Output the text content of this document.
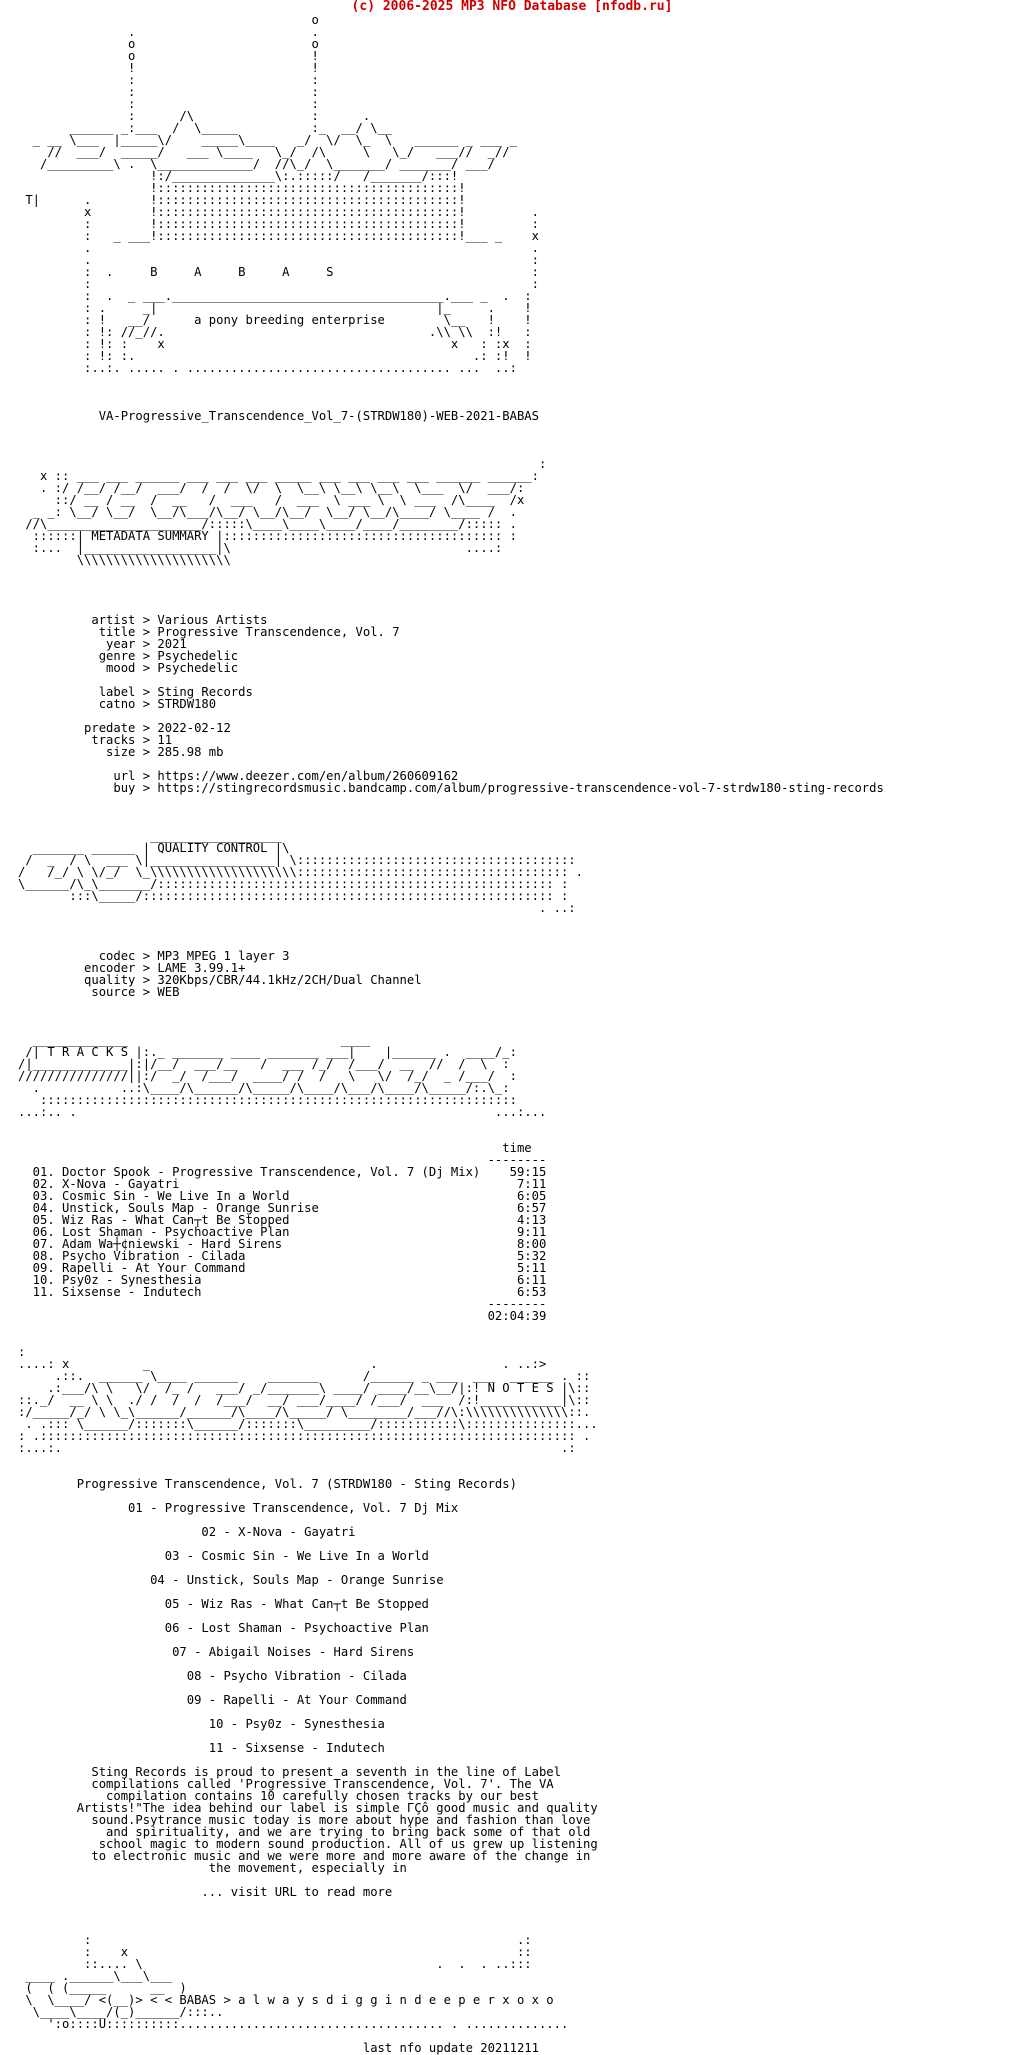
(c) 2006-2025 MP3 NFO Database [nfodb.ru]
o
.                        .
o                        o
o                        !
!                        !
:                        :
:                        :
:                        :
:      /\                :      .
______ _:___  /  \_____          :_  __/ \__
_ __ \___  |_____\/    _____\____   _/  \/  \_  \   ______ _ ___ _
//  ___/  _____/   ___ \____   \_/  /\     \   \_/   ___//  _//
/_________\ .  \_____________/  //\_/  \_______/ _______/ ___/
!:/______________\:.:::::/   /_______/:::!
!:::::::::::::::::::::::::::::::::::::::::!
T|      .        !:::::::::::::::::::::::::::::::::::::::::!
x        !:::::::::::::::::::::::::::::::::::::::::!         .
:        !:::::::::::::::::::::::::::::::::::::::::!         :
:   _ ___!:::::::::::::::::::::::::::::::::::::::::!___ _    x
.                                                            .
.                                                            :
:  .     B     A     B     A     S                           :
:                                                            :
:  .  _ ___._____________________________________.___ _  .  :
: .     _|                                      |_     .    !
: !   __/      a pony breeding enterprise        \__   !    !
: !: //_//.                                    .\\ \\  :!   :
: !: :    x                                       x   : :x  :
: !: :.                                              .: :!  !
:..:. ..... . .................................... ...  ..:

VA-Progressive_Transcendence_Vol_7-(STRDW180)-WEB-2021-BABAS

:
x :: ___ ___ ______ ___ ___ ___ _____ ___ ___ ___ ___ ______ ______:
. :/ /__/ /__/  ___/  /  /  \/  \  \__\ \__\ \__\  \___  \/  ___/:
::/ __ / __  /  __   /  ___   /  ___  \ ___ \  \ ___  /\____  /x
_ _: \__/ \__/  \__/\___/\__/ \__/\__/  \__/ \__/\____/ \____ /  .
//\_____________________/:::::\____\____\____/____/________/::::: .
::::::| METADATA SUMMARY |:::::::::::::::::::::::::::::::::::::: :
:...  |__________________|\                                ....:
\\\\\\\\\\\\\\\\\\\\\

artist > Various Artists
title > Progressive Transcendence, Vol. 7
year > 2021
genre > Psychedelic
mood > Psychedelic

label > Sting Records
catno > STRDW180

predate > 2022-02-12
tracks > 11
size > 285.98 mb

url > https://www.deezer.com/en/album/260609162
buy > https://stingrecordsmusic.bandcamp.com/album/progressive-transcendence-vol-7-strdw180-sting-records

__________________
_______ ______ | QUALITY CONTROL |\
/  _  / \  ___ \|_________________| \::::::::::::::::::::::::::::::::::::::
/   /_/ \ \/_/  \_\\\\\\\\\\\\\\\\\\\\::::::::::::::::::::::::::::::::::::: .
\______/\_\_______/:::::::::::::::::::::::::::::::::::::::::::::::::::::: :
:::\_____/:::::::::::::::::::::::::::::::::::::::::::::::::::::::: :
. ..:

codec > MP3 MPEG 1 layer 3
encoder > LAME 3.99.1+
quality > 320Kbps/CBR/44.1kHz/2CH/Dual Channel
source > WEB

_____________                             ____
/| T R A C K S |:._ _______ ____ _______ ___|    |______ .  ____/_:
/|_____________|:|/__/  ___/__   /  ___ /_/  /___/  __  //  /  \  :
///////////////||:/  _/  /___/  ____/ /  /   \   \/  /_/  _ /___/  :
.           ..:\____/\______/\_____/\____/\___/\____/\_____/:.\_:
:::::::::::::::::::::::::::::::::::::::::::::::::::::::::::::::::
...:.. .                                                         ...:...

time
--------
01. Doctor Spook - Progressive Transcendence, Vol. 7 (Dj Mix)    59:15
02. X-Nova - Gayatri                                              7:11
03. Cosmic Sin - We Live In a World                               6:05
04. Unstick, Souls Map - Orange Sunrise                           6:57
05. Wiz Ras - What Can┬t Be Stopped                               4:13
06. Lost Shaman - Psychoactive Plan                               9:11
07. Adam Wa┼¢niewski - Hard Sirens                                8:00
08. Psycho Vibration - Cilada                                     5:32
09. Rapelli - At Your Command                                     5:11
10. Psy0z - Synesthesia                                           6:11
11. Sixsense - Indutech                                           6:53
--------
02:04:39

:
....: x          _                              .                 . ..:>
.::.  ______ \____ ______    _______      /______ _ ___  ___  ______ . ::
.:___/\ \   \/  /_ /   ___/ _/_______\ ____/ ____/__\__/|:! N O T E S |\::
::._/  __ \ \  ./ /  /  /  /___/  __/ ___/____/ /___/  ___  /:!___________|\::
:/_____/_/ \ \_\______/______/\____/\_____/ \________/___//\:\\\\\\\\\\\\\\::.
. .::: \______/:::::::\______/:::::::\_________/:::::::::::\:::::::::::::::...
: .::::::::::::::::::::::::::::::::::::::::::::::::::::::::::::::::::::::::: .
:...:.                                                                    .:

Progressive Transcendence, Vol. 7 (STRDW180 - Sting Records)

01 - Progressive Transcendence, Vol. 7 Dj Mix

02 - X-Nova - Gayatri

03 - Cosmic Sin - We Live In a World

04 - Unstick, Souls Map - Orange Sunrise

05 - Wiz Ras - What Can┬t Be Stopped

06 - Lost Shaman - Psychoactive Plan

07 - Abigail Noises - Hard Sirens

08 - Psycho Vibration - Cilada

09 - Rapelli - At Your Command

10 - Psy0z - Synesthesia

11 - Sixsense - Indutech

Sting Records is proud to present a seventh in the line of Label
compilations called 'Progressive Transcendence, Vol. 7'. The VA
compilation contains 10 carefully chosen tracks by our best
Artists!"The idea behind our label is simple ΓÇô good music and quality
sound.Psytrance music today is more about hype and fashion than love
and spirituality, and we are trying to bring back some of that old
school magic to modern sound production. All of us grew up listening
to electronic music and we were more and more aware of the change in
the movement, especially in

... visit URL to read more

:                                                          .:
:    x                                                     ::
::.... \                                        .  .  . ..:::
____ .______\___\___
(  ( (_____      __  )
\  \____/ <(__)> < < BABAS > a l w a y s d i g g i n d e e p e r x o x o
\____\____/(_)______/:::..
':o::::U::::::::::.................................... . ..............

last nfo update 20211211
